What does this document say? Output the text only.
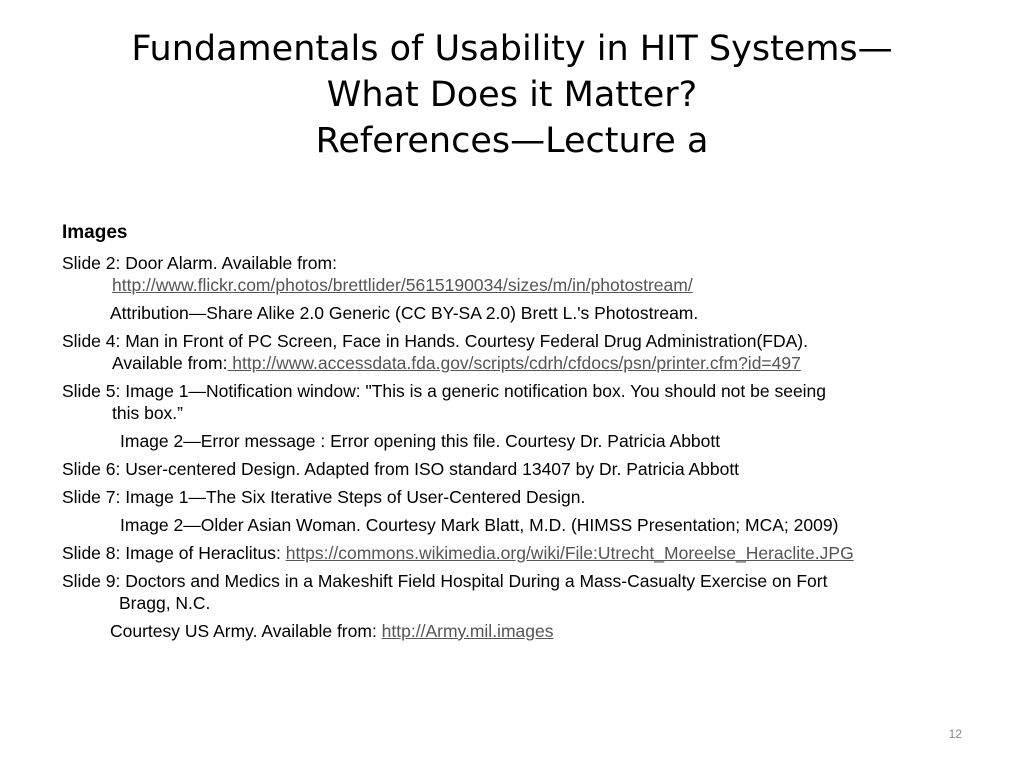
Fundamentals of Usability in HIT Systems—
What Does it Matter?
References—Lecture a
Images
Slide 2: Door Alarm. Available from:
http://www.flickr.com/photos/brettlider/5615190034/sizes/m/in/photostream/
Attribution—Share Alike 2.0 Generic (CC BY-SA 2.0) Brett L.'s Photostream.
Slide 4: Man in Front of PC Screen, Face in Hands. Courtesy Federal Drug Administration(FDA).
Available from: http://www.accessdata.fda.gov/scripts/cdrh/cfdocs/psn/printer.cfm?id=497
Slide 5: Image 1—Notification window: "This is a generic notification box. You should not be seeing
this box.”
Image 2—Error message : Error opening this file. Courtesy Dr. Patricia Abbott
Slide 6: User-centered Design. Adapted from ISO standard 13407 by Dr. Patricia Abbott
Slide 7: Image 1—The Six Iterative Steps of User-Centered Design.
Image 2—Older Asian Woman. Courtesy Mark Blatt, M.D. (HIMSS Presentation; MCA; 2009)
Slide 8: Image of Heraclitus: https://commons.wikimedia.org/wiki/File:Utrecht_Moreelse_Heraclite.JPG
Slide 9: Doctors and Medics in a Makeshift Field Hospital During a Mass-Casualty Exercise on Fort
Bragg, N.C.
Courtesy US Army. Available from: http://Army.mil.images
12
